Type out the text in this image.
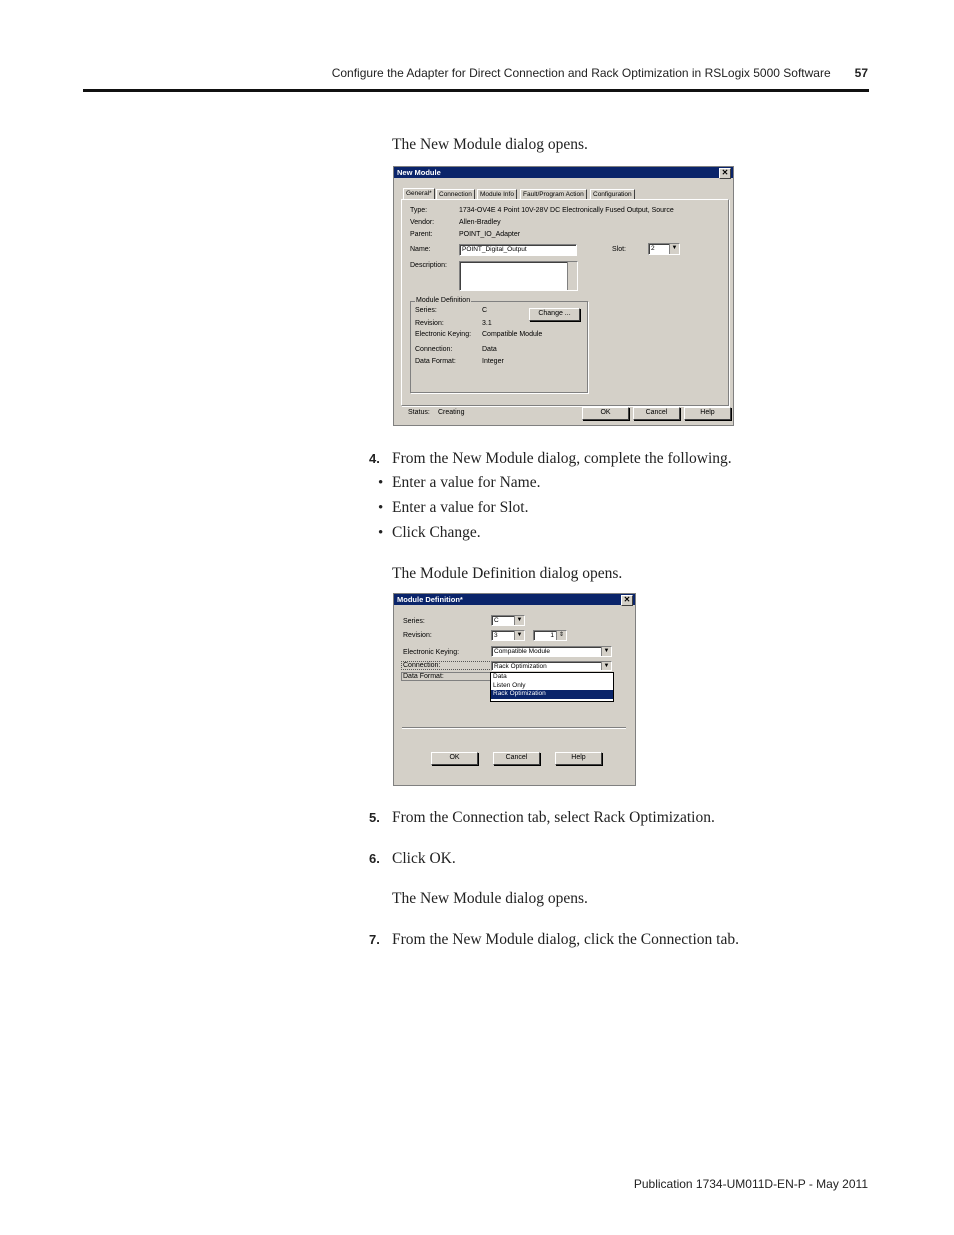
Configure the Adapter for Direct Connection and Rack Optimization in RSLogix 5000 Software 57
The New Module dialog opens.
New Module	✕
General*	Connection	Module Info	Fault/Program Action	Configuration
Type:	1734-OV4E 4 Point 10V-28V DC Electronically Fused Output, Source
Vendor:	Allen-Bradley
Parent:	POINT_IO_Adapter
Name:	POINT_Digital_Output	Slot:	2	▼
Description:
Module Definition
Series:	C
Revision:	3.1
Electronic Keying: Compatible Module
Connection:	Data
Data Format:	Integer
Change ...
Status: Creating	OK	Cancel	Help
4. From the New Module dialog, complete the following.
• Enter a value for Name.
• Enter a value for Slot.
• Click Change.
The Module Definition dialog opens.
Module Definition*	✕
Series:	C	▼
Revision:	3	▼	1 ⇕
Electronic Keying:	Compatible Module	▼
Connection:	Rack Optimization	▼
Data Format:	Data
Listen Only
Rack Optimization
OK	Cancel	Help
5. From the Connection tab, select Rack Optimization.
6. Click OK.
The New Module dialog opens.
7. From the New Module dialog, click the Connection tab.
Publication 1734-UM011D-EN-P - May 2011
